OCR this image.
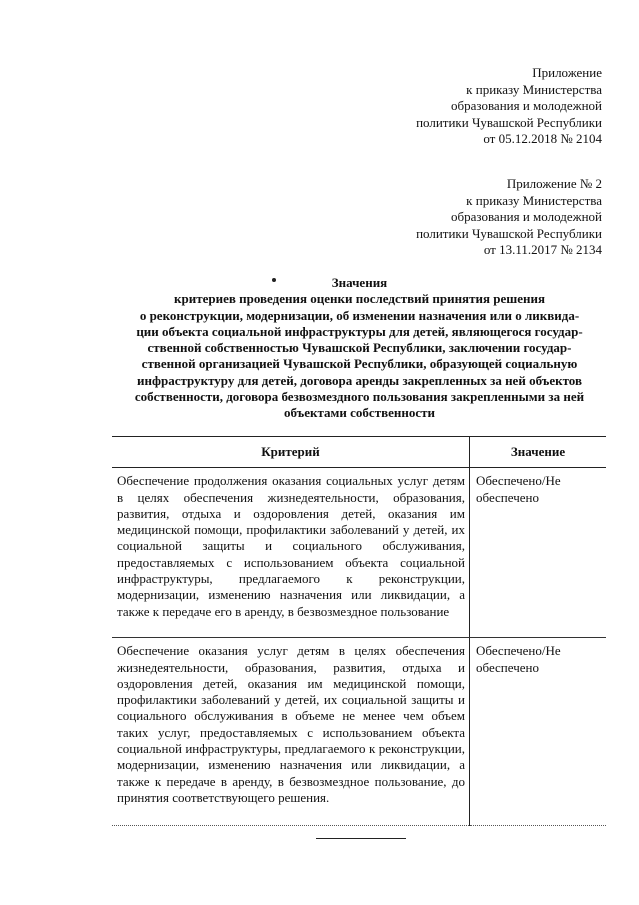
Приложение
к приказу Министерства
образования и молодежной
политики Чувашской Республики
от 05.12.2018 № 2104
Приложение № 2
к приказу Министерства
образования и молодежной
политики Чувашской Республики
от 13.11.2017 № 2134
Значения
критериев проведения оценки последствий принятия решения
о реконструкции, модернизации, об изменении назначения или о ликвида-
ции объекта социальной инфраструктуры для детей, являющегося государ-
ственной собственностью Чувашской Республики, заключении государ-
ственной организацией Чувашской Республики, образующей социальную
инфраструктуру для детей, договора аренды закрепленных за ней объектов
собственности, договора безвозмездного пользования закрепленными за ней
объектами собственности
Критерий	Значение
Обеспечение продолжения оказания социальных услуг детям в целях обеспечения жизнедеятельности, образования, развития, отдыха и оздоровления детей, оказания им медицинской помощи, профилактики заболеваний у детей, их социальной защиты и социального обслуживания, предоставляемых с использованием объекта социальной инфраструктуры, предлагаемого к реконструкции, модернизации, изменению назначения или ликвидации, а также к передаче его в аренду, в безвозмездное пользование	Обеспечено/Не обеспечено
Обеспечение оказания услуг детям в целях обеспечения жизнедеятельности, образования, развития, отдыха и оздоровления детей, оказания им медицинской помощи, профилактики заболеваний у детей, их социальной защиты и социального обслуживания в объеме не менее чем объем таких услуг, предоставляемых с использованием объекта социальной инфраструктуры, предлагаемого к реконструкции, модернизации, изменению назначения или ликвидации, а также к передаче в аренду, в безвозмездное пользование, до принятия соответствующего решения.	Обеспечено/Не обеспечено
